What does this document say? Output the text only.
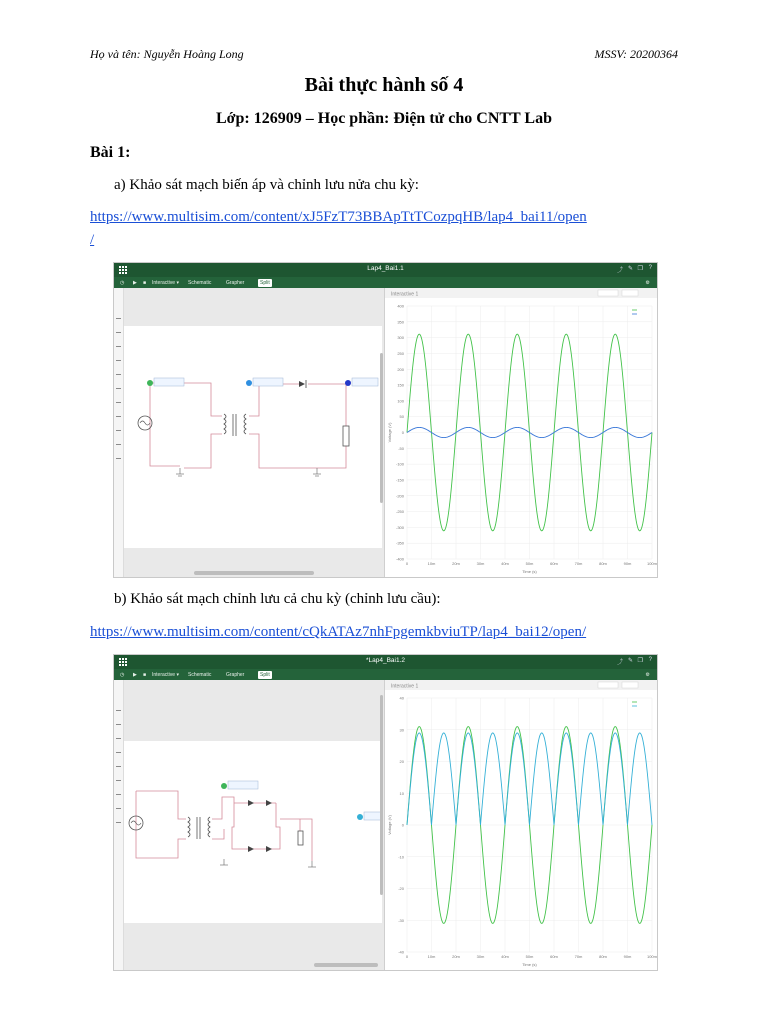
Họ và tên: Nguyễn Hoàng Long	MSSV: 20200364
Bài thực hành số 4
Lớp: 126909 – Học phần: Điện tử cho CNTT Lab
Bài 1:
a) Khảo sát mạch biến áp và chỉnh lưu nửa chu kỳ:
https://www.multisim.com/content/xJ5FzT73BBApTtTCozpqHB/lap4_bai11/open
/
Lap4_Bai1.1	⤴ ✎ ❐ ?
◷	▶	■	Interactive ▾	Schematic	Grapher	Split	⚙
Interactive 1
400
350
300
250
200
150
100
50
0
-50
-100
-150
-200
-250
-300
-350
-400
0	10m	20m	30m	40m	50m	60m	70m	80m	90m	100m
Time (s)
Voltage (V)
b) Khảo sát mạch chỉnh lưu cả chu kỳ (chỉnh lưu cầu):
https://www.multisim.com/content/cQkATAz7nhFpgemkbviuTP/lap4_bai12/open/
*Lap4_Bai1.2	⤴ ✎ ❐ ?
◷	▶	■	Interactive ▾	Schematic	Grapher	Split	⚙
Interactive 1
40
30
20
10
0
-10
-20
-30
-40
0	10m	20m	30m	40m	50m	60m	70m	80m	90m	100m
Time (s)
Voltage (V)
